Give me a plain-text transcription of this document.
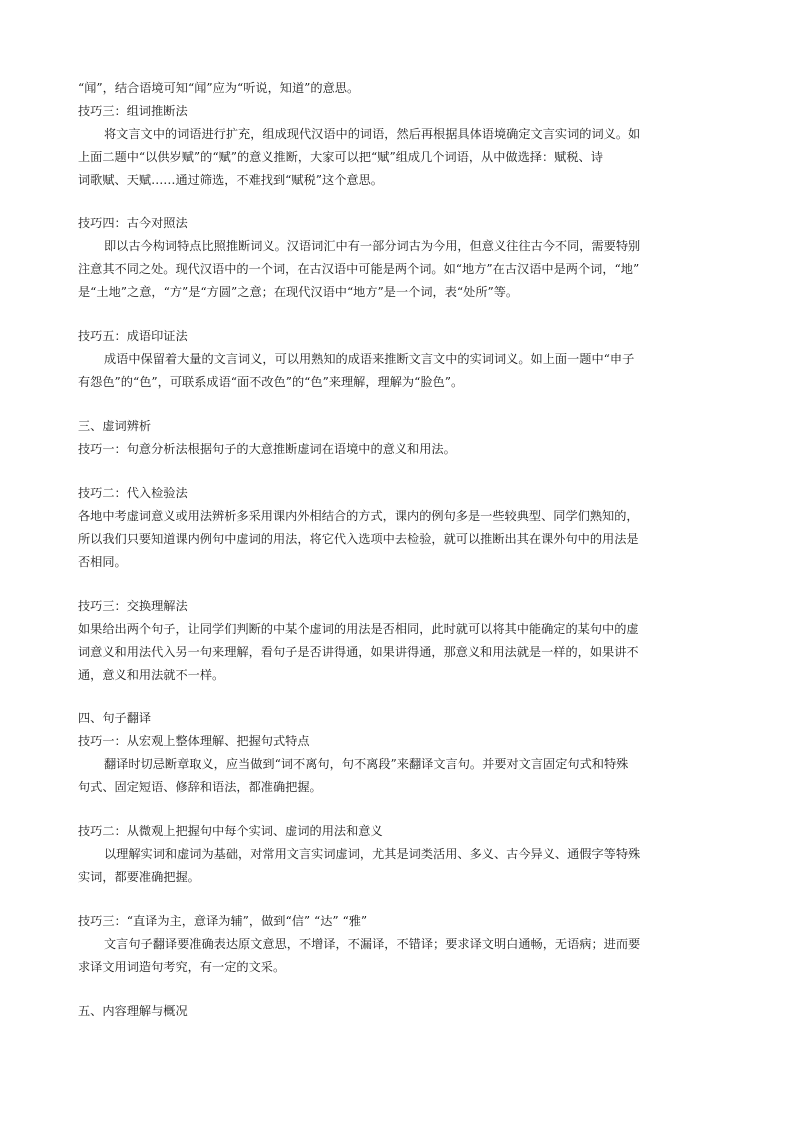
“闻”，结合语境可知“闻”应为“听说，知道”的意思。
技巧三：组词推断法
将文言文中的词语进行扩充，组成现代汉语中的词语，然后再根据具体语境确定文言实词的词义。如
上面二题中“以供岁赋”的“赋”的意义推断，大家可以把“赋”组成几个词语，从中做选择：赋税、诗
词歌赋、天赋……通过筛选，不难找到“赋税”这个意思。
技巧四：古今对照法
即以古今构词特点比照推断词义。汉语词汇中有一部分词古为今用，但意义往往古今不同，需要特别
注意其不同之处。现代汉语中的一个词，在古汉语中可能是两个词。如“地方”在古汉语中是两个词，“地”
是“土地”之意，“方”是“方圆”之意；在现代汉语中“地方”是一个词，表“处所”等。
技巧五：成语印证法
成语中保留着大量的文言词义，可以用熟知的成语来推断文言文中的实词词义。如上面一题中“申子
有怨色”的“色”，可联系成语“面不改色”的“色”来理解，理解为“脸色”。
三、虚词辨析
技巧一：句意分析法根据句子的大意推断虚词在语境中的意义和用法。
技巧二：代入检验法
各地中考虚词意义或用法辨析多采用课内外相结合的方式，课内的例句多是一些较典型、同学们熟知的，
所以我们只要知道课内例句中虚词的用法，将它代入选项中去检验，就可以推断出其在课外句中的用法是
否相同。
技巧三：交换理解法
如果给出两个句子，让同学们判断的中某个虚词的用法是否相同，此时就可以将其中能确定的某句中的虚
词意义和用法代入另一句来理解，看句子是否讲得通，如果讲得通，那意义和用法就是一样的，如果讲不
通，意义和用法就不一样。
四、句子翻译
技巧一：从宏观上整体理解、把握句式特点
翻译时切忌断章取义，应当做到“词不离句，句不离段”来翻译文言句。并要对文言固定句式和特殊
句式、固定短语、修辞和语法，都准确把握。
技巧二：从微观上把握句中每个实词、虚词的用法和意义
以理解实词和虚词为基础，对常用文言实词虚词，尤其是词类活用、多义、古今异义、通假字等特殊
实词，都要准确把握。
技巧三：“直译为主，意译为辅”，做到“信” “达” “雅”
文言句子翻译要准确表达原文意思，不增译，不漏译，不错译；要求译文明白通畅，无语病；进而要
求译文用词造句考究，有一定的文采。
五、内容理解与概况
